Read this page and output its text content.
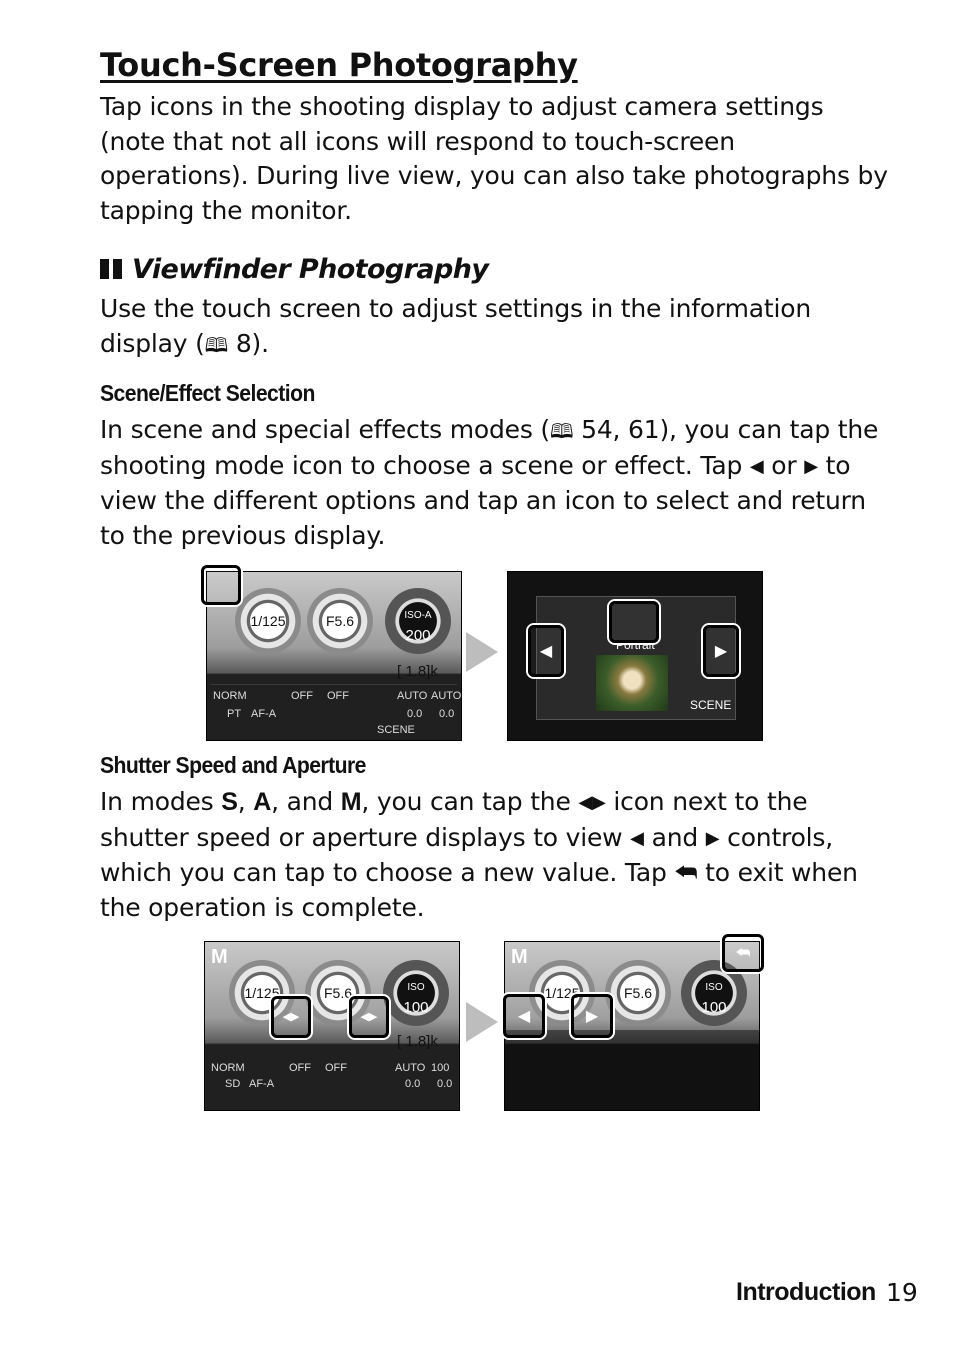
Touch-Screen Photography
Tap icons in the shooting display to adjust camera settings (note that not all icons will respond to touch-screen operations). During live view, you can also take photographs by tapping the monitor.
Viewfinder Photography
Use the touch screen to adjust settings in the information display (🕮 8).
Scene/Effect Selection
In scene and special effects modes (🕮 54, 61), you can tap the shooting mode icon to choose a scene or effect. Tap ◀ or ▶ to view the different options and tap an icon to select and return to the previous display.
1/125	F5.6	ISO-A
200
[ 1.8]k
NORM	OFF OFF	AUTO AUTO
PT AF-A	0.0 0.0
SCENE
Portrait
SCENE
◀	▶
Shutter Speed and Aperture
In modes S, A, and M, you can tap the ◀▶ icon next to the shutter speed or aperture displays to view ◀ and ▶ controls, which you can tap to choose a new value. Tap ⮪ to exit when the operation is complete.
M
1/125	F5.6	ISO
100
[ 1.8]k
NORM	OFF OFF	AUTO 100
SD AF-A	0.0 0.0
◀▶	◀▶
M
1/125	F5.6	ISO
100
◀	▶
⮪
Introduction 19
